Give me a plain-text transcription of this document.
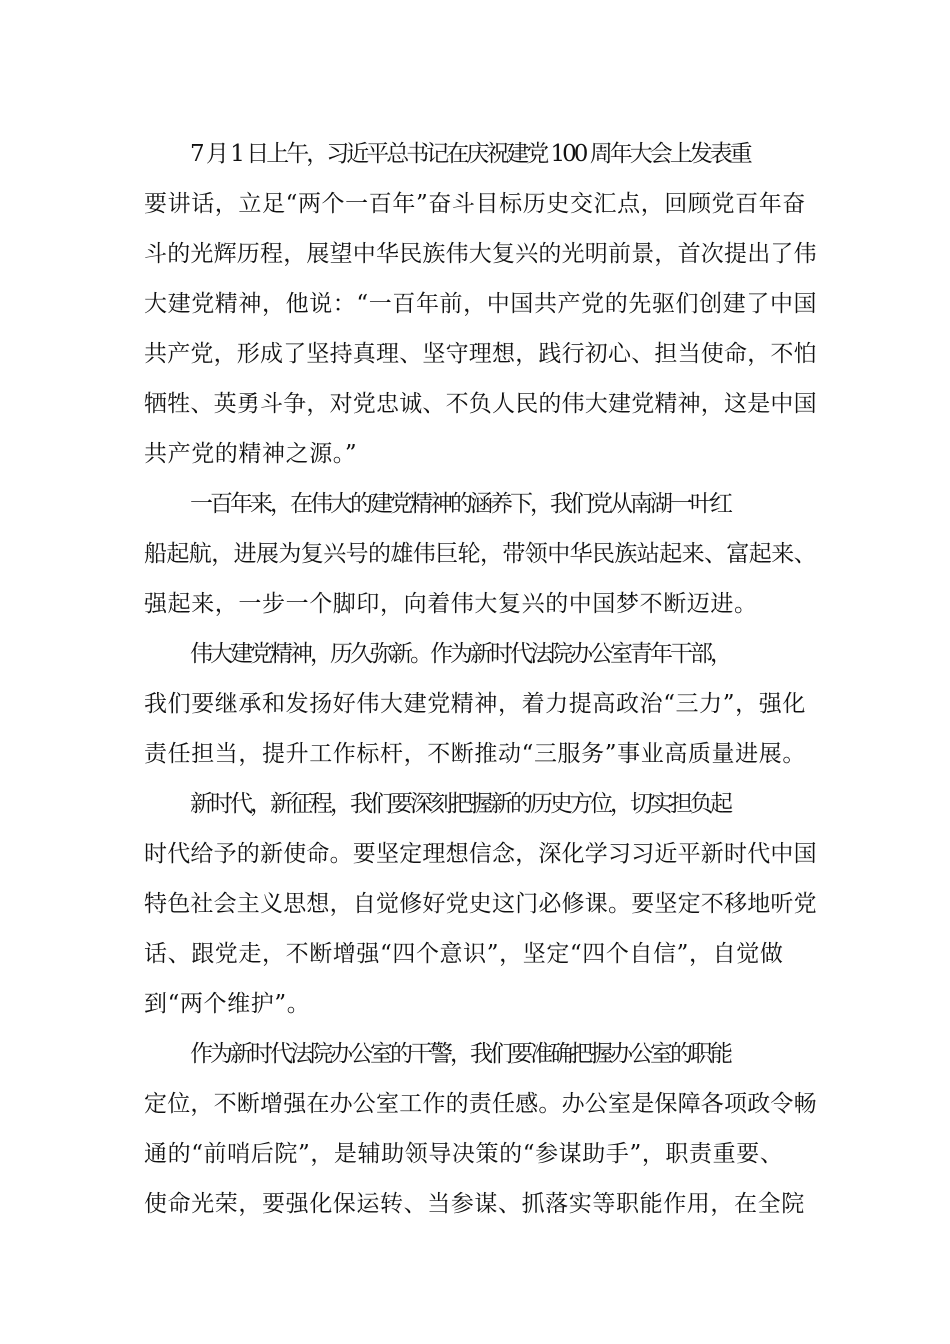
7 月 1 日上午，习近平总书记在庆祝建党 100 周年大会上发表重
要讲话，立足“两个一百年”奋斗目标历史交汇点，回顾党百年奋
斗的光辉历程，展望中华民族伟大复兴的光明前景，首次提出了伟
大建党精神，他说：“一百年前，中国共产党的先驱们创建了中国
共产党，形成了坚持真理、坚守理想，践行初心、担当使命，不怕
牺牲、英勇斗争，对党忠诚、不负人民的伟大建党精神，这是中国
共产党的精神之源。”

一百年来，在伟大的建党精神的涵养下，我们党从南湖一叶红
船起航，进展为复兴号的雄伟巨轮，带领中华民族站起来、富起来、
强起来，一步一个脚印，向着伟大复兴的中国梦不断迈进。

伟大建党精神，历久弥新。作为新时代法院办公室青年干部，
我们要继承和发扬好伟大建党精神，着力提高政治“三力”，强化
责任担当，提升工作标杆，不断推动“三服务”事业高质量进展。

新时代，新征程，我们要深刻把握新的历史方位，切实担负起
时代给予的新使命。要坚定理想信念，深化学习习近平新时代中国
特色社会主义思想，自觉修好党史这门必修课。要坚定不移地听党
话、跟党走，不断增强“四个意识”，坚定“四个自信”，自觉做
到“两个维护”。

作为新时代法院办公室的干警，我们要准确把握办公室的职能
定位，不断增强在办公室工作的责任感。办公室是保障各项政令畅
通的“前哨后院”，是辅助领导决策的“参谋助手”，职责重要、
使命光荣，要强化保运转、当参谋、抓落实等职能作用，在全院
